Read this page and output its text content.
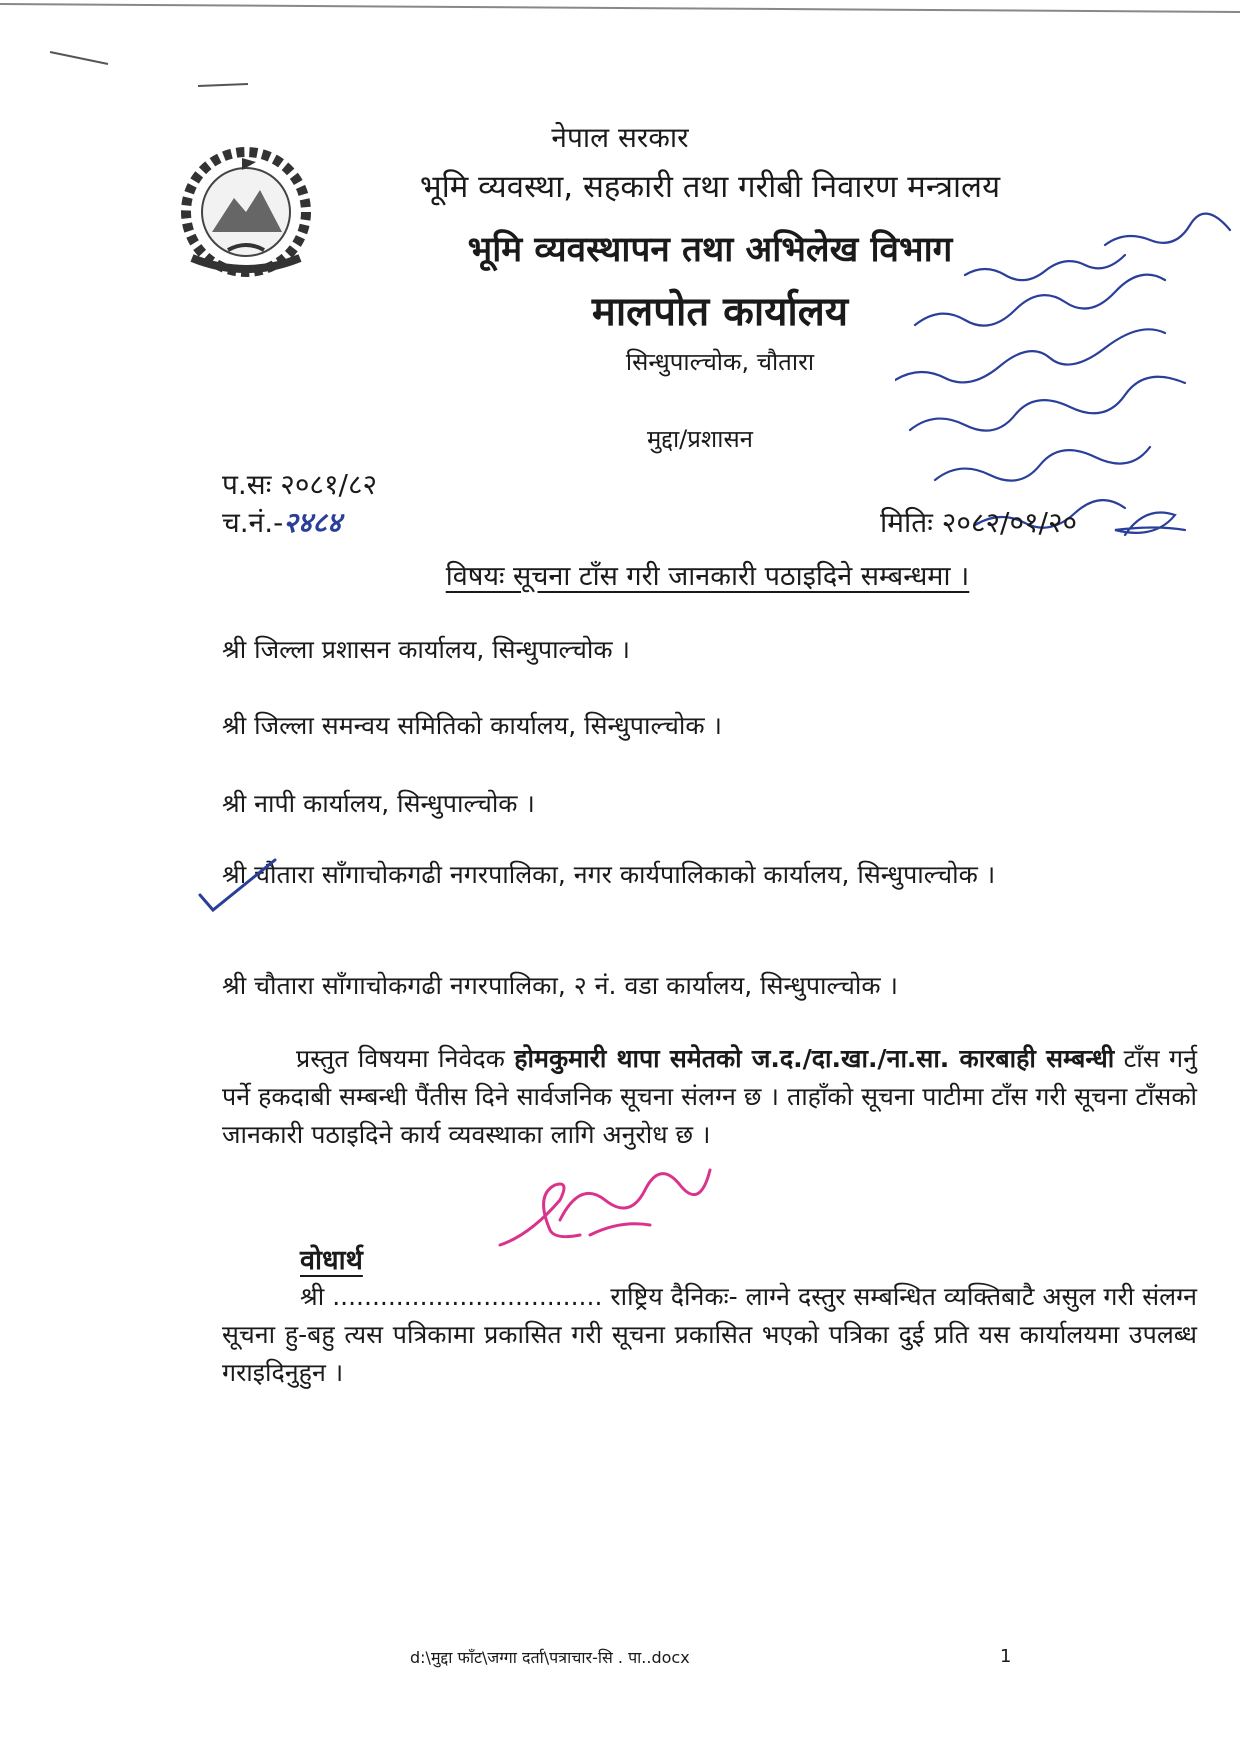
नेपाल सरकार
भूमि व्यवस्था, सहकारी तथा गरीबी निवारण मन्त्रालय
भूमि व्यवस्थापन तथा अभिलेख विभाग
मालपोत कार्यालय
सिन्धुपाल्चोक, चौतारा
मुद्दा/प्रशासन
प.सः २०८१/८२
च.नं.-२४८४	मितिः २०८२/०१/२०
विषयः सूचना टाँस गरी जानकारी पठाइदिने सम्बन्धमा ।
श्री जिल्ला प्रशासन कार्यालय, सिन्धुपाल्चोक ।
श्री जिल्ला समन्वय समितिको कार्यालय, सिन्धुपाल्चोक ।
श्री नापी कार्यालय, सिन्धुपाल्चोक ।
श्री चौतारा साँगाचोकगढी नगरपालिका, नगर कार्यपालिकाको कार्यालय, सिन्धुपाल्चोक ।
श्री चौतारा साँगाचोकगढी नगरपालिका, २ नं. वडा कार्यालय, सिन्धुपाल्चोक ।

प्रस्तुत विषयमा निवेदक होमकुमारी थापा समेतको ज.द./दा.खा./ना.सा. कारबाही सम्बन्धी टाँस गर्नु पर्ने हकदाबी सम्बन्धी पैंतीस दिने सार्वजनिक सूचना संलग्न छ । ताहाँको सूचना पाटीमा टाँस गरी सूचना टाँसको जानकारी पठाइदिने कार्य व्यवस्थाका लागि अनुरोध छ ।

वोधार्थ

श्री .................................. राष्ट्रिय दैनिकः- लाग्ने दस्तुर सम्बन्धित व्यक्तिबाटै असुल गरी संलग्न सूचना हु-बहु त्यस पत्रिकामा प्रकासित गरी सूचना प्रकासित भएको पत्रिका दुई प्रति यस कार्यालयमा उपलब्ध गराइदिनुहुन ।

d:\मुद्दा फाँट\जग्गा दर्ता\पत्राचार-सि . पा..docx	1
